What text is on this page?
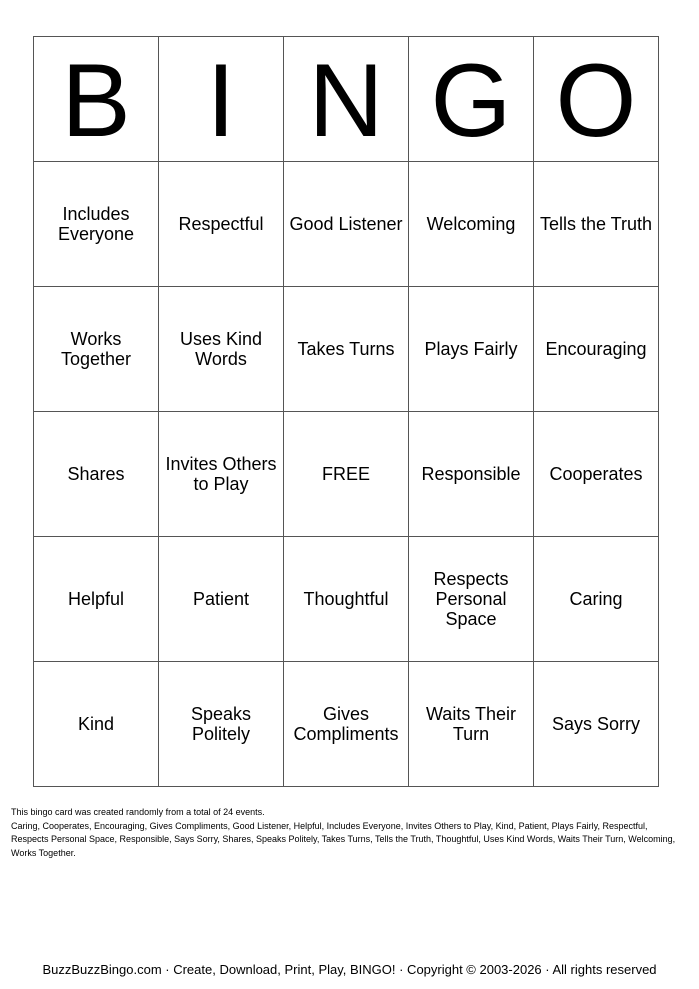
B	I	N	G	O
Includes Everyone	Respectful	Good Listener	Welcoming	Tells the Truth
Works Together	Uses Kind Words	Takes Turns	Plays Fairly	Encouraging
Shares	Invites Others to Play	FREE	Responsible	Cooperates
Helpful	Patient	Thoughtful	Respects Personal Space	Caring
Kind	Speaks Politely	Gives Compliments	Waits Their Turn	Says Sorry

This bingo card was created randomly from a total of 24 events.

Caring, Cooperates, Encouraging, Gives Compliments, Good Listener, Helpful, Includes Everyone, Invites Others to Play, Kind, Patient, Plays Fairly, Respectful, Respects Personal Space, Responsible, Says Sorry, Shares, Speaks Politely, Takes Turns, Tells the Truth, Thoughtful, Uses Kind Words, Waits Their Turn, Welcoming, Works Together.

BuzzBuzzBingo.com · Create, Download, Print, Play, BINGO! · Copyright © 2003-2026 · All rights reserved
